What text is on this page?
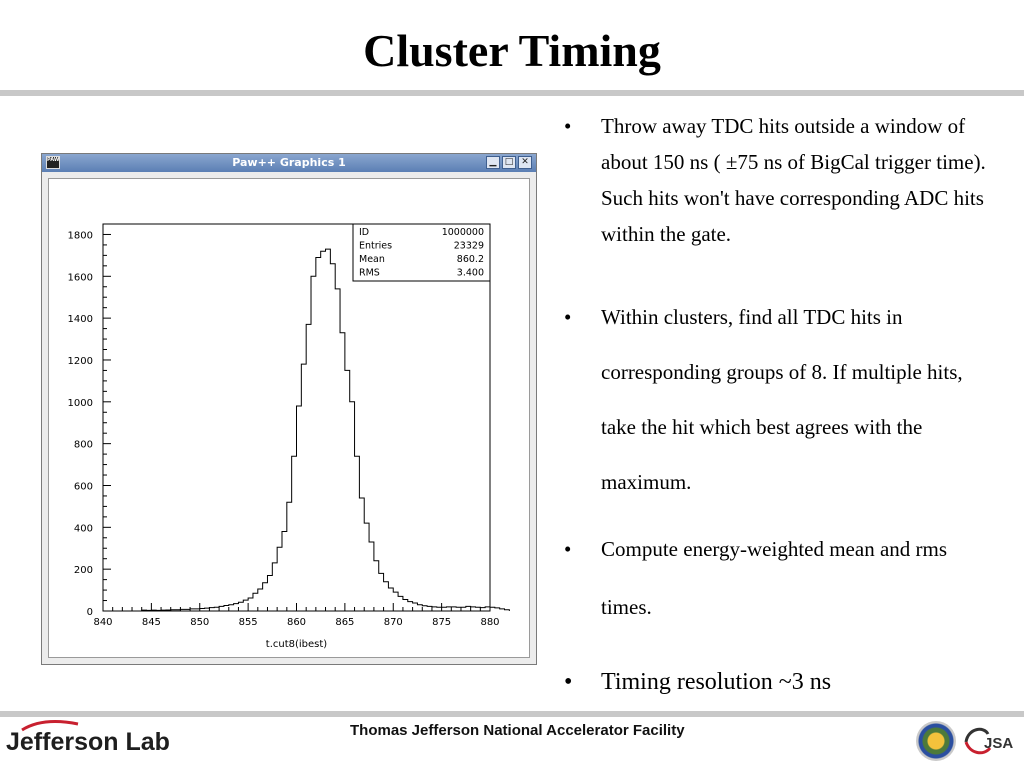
Cluster Timing
PAW	Paw++ Graphics 1	▁ □ ✕
0
200
400
600
800
1000
1200
1400
1600
1800
840	845	850	855	860	865	870	875	880
t.cut8(ibest)
ID	1000000
Entries	23329
Mean	860.2
RMS	3.400
• Throw away TDC hits outside a window of about 150 ns ( ±75 ns of BigCal trigger time). Such hits won't have corresponding ADC hits within the gate.
• Within clusters, find all TDC hits in corresponding groups of 8. If multiple hits, take the hit which best agrees with the maximum.
• Compute energy-weighted mean and rms times.
• Timing resolution ~3 ns
Jefferson Lab	Thomas Jefferson National Accelerator Facility
JSA
